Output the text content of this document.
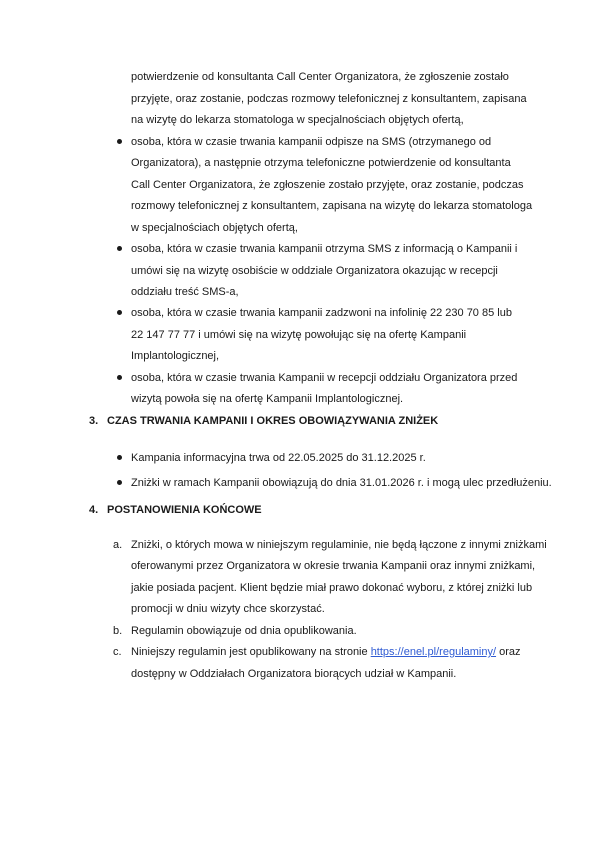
potwierdzenie od konsultanta Call Center Organizatora, że zgłoszenie zostało
przyjęte, oraz zostanie, podczas rozmowy telefonicznej z konsultantem, zapisana
na wizytę do lekarza stomatologa w specjalnościach objętych ofertą,
osoba, która w czasie trwania kampanii odpisze na SMS (otrzymanego od
Organizatora), a następnie otrzyma telefoniczne potwierdzenie od konsultanta
Call Center Organizatora, że zgłoszenie zostało przyjęte, oraz zostanie, podczas
rozmowy telefonicznej z konsultantem, zapisana na wizytę do lekarza stomatologa
w specjalnościach objętych ofertą,
osoba, która w czasie trwania kampanii otrzyma SMS z informacją o Kampanii i
umówi się na wizytę osobiście w oddziale Organizatora okazując w recepcji
oddziału treść SMS-a,
osoba, która w czasie trwania kampanii zadzwoni na infolinię 22 230 70 85 lub
22 147 77 77 i umówi się na wizytę powołując się na ofertę Kampanii
Implantologicznej,
osoba, która w czasie trwania Kampanii w recepcji oddziału Organizatora przed
wizytą powoła się na ofertę Kampanii Implantologicznej.
3. CZAS TRWANIA KAMPANII I OKRES OBOWIĄZYWANIA ZNIŻEK
Kampania informacyjna trwa od 22.05.2025 do 31.12.2025 r.
Zniżki w ramach Kampanii obowiązują do dnia 31.01.2026 r. i mogą ulec przedłużeniu.
4. POSTANOWIENIA KOŃCOWE
a. Zniżki, o których mowa w niniejszym regulaminie, nie będą łączone z innymi zniżkami
oferowanymi przez Organizatora w okresie trwania Kampanii oraz innymi zniżkami,
jakie posiada pacjent. Klient będzie miał prawo dokonać wyboru, z której zniżki lub
promocji w dniu wizyty chce skorzystać.
b. Regulamin obowiązuje od dnia opublikowania.
c. Niniejszy regulamin jest opublikowany na stronie https://enel.pl/regulaminy/ oraz
dostępny w Oddziałach Organizatora biorących udział w Kampanii.
